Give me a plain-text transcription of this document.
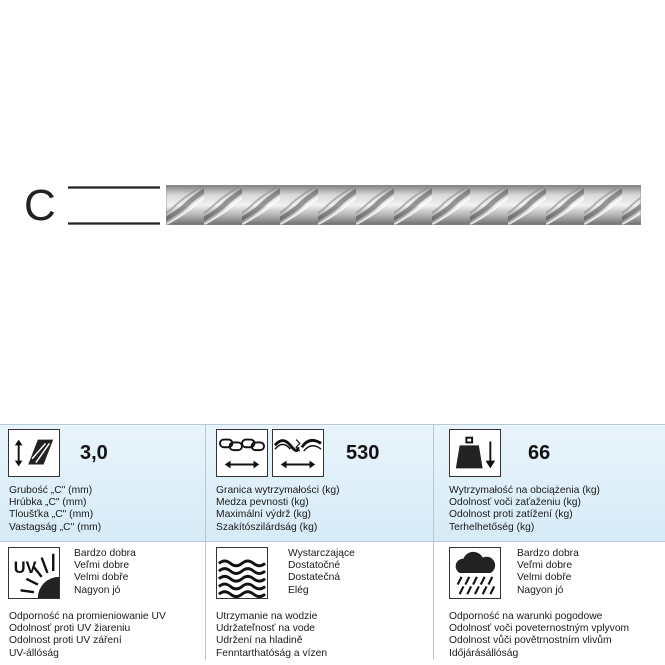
C
3,0
Grubość „C" (mm)
Hrúbka „C" (mm)
Tloušťka „C" (mm)
Vastagság „C" (mm)
530
Granica wytrzymałości (kg)
Medza pevnosti (kg)
Maximální výdrž (kg)
Szakítószilárdság (kg)
66
Wytrzymałość na obciążenia (kg)
Odolnosť voči zaťaženiu (kg)
Odolnost proti zatížení (kg)
Terhelhetőség (kg)
UV
Bardzo dobra
Veľmi dobre
Velmi dobře
Nagyon jó
Odporność na promieniowanie UV
Odolnosť proti UV žiareniu
Odolnost proti UV záření
UV-állóság
Wystarczające
Dostatočné
Dostatečná
Elég
Utrzymanie na wodzie
Udržateľnosť na vode
Udržení na hladině
Fenntarthatóság a vízen
Bardzo dobra
Veľmi dobre
Velmi dobře
Nagyon jó
Odporność na warunki pogodowe
Odolnosť voči poveternostným vplyvom
Odolnost vůči povětrnostním vlivům
Időjárásállóság
